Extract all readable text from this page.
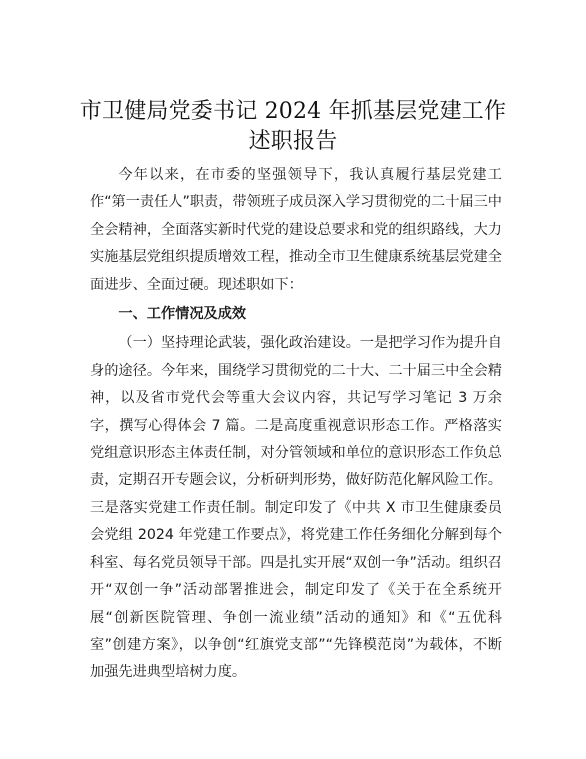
市卫健局党委书记 2024 年抓基层党建工作述职报告

今年以来，在市委的坚强领导下，我认真履行基层党建工作“第一责任人”职责，带领班子成员深入学习贯彻党的二十届三中全会精神，全面落实新时代党的建设总要求和党的组织路线，大力实施基层党组织提质增效工程，推动全市卫生健康系统基层党建全面进步、全面过硬。现述职如下：

一、工作情况及成效

（一）坚持理论武装，强化政治建设。一是把学习作为提升自身的途径。今年来，围绕学习贯彻党的二十大、二十届三中全会精神，以及省市党代会等重大会议内容，共记写学习笔记 3 万余字，撰写心得体会 7 篇。二是高度重视意识形态工作。严格落实党组意识形态主体责任制，对分管领域和单位的意识形态工作负总责，定期召开专题会议，分析研判形势，做好防范化解风险工作。三是落实党建工作责任制。制定印发了《中共 X 市卫生健康委员会党组 2024 年党建工作要点》，将党建工作任务细化分解到每个科室、每名党员领导干部。四是扎实开展“双创一争”活动。组织召开“双创一争”活动部署推进会，制定印发了《关于在全系统开展“创新医院管理、争创一流业绩”活动的通知》和《“五优科室”创建方案》，以争创“红旗党支部”“先锋模范岗”为载体，不断加强先进典型培树力度。
